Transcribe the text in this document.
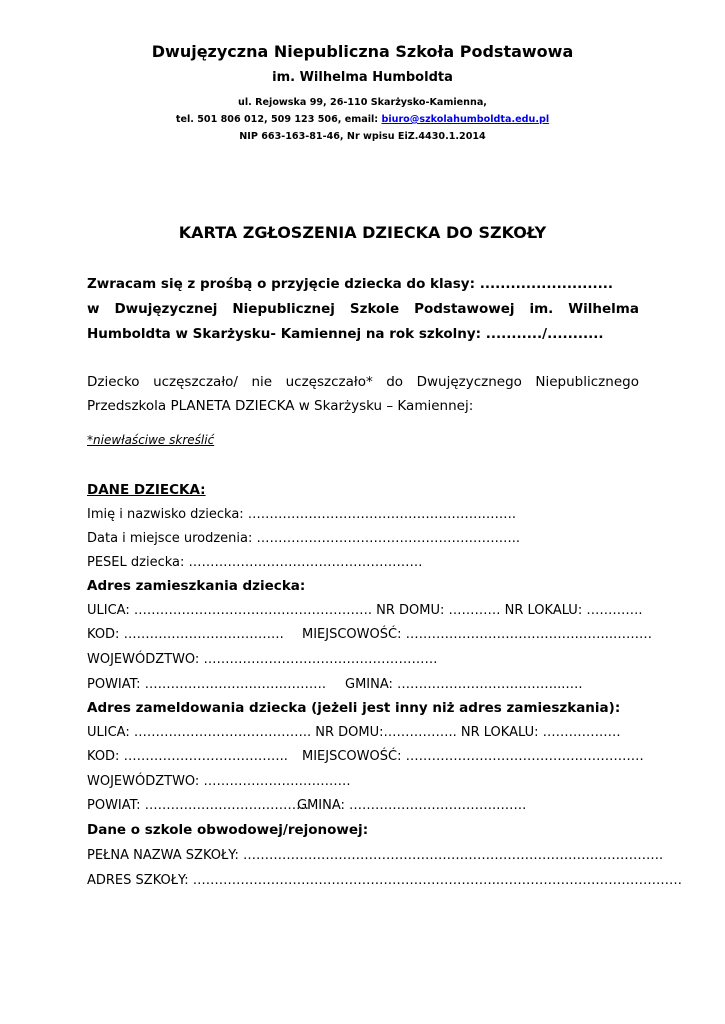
Dwujęzyczna Niepubliczna Szkoła Podstawowa
im. Wilhelma Humboldta
ul. Rejowska 99, 26-110 Skarżysko-Kamienna,
tel. 501 806 012, 509 123 506, email: biuro@szkolahumboldta.edu.pl
NIP 663-163-81-46, Nr wpisu EiZ.4430.1.2014
KARTA ZGŁOSZENIA DZIECKA DO SZKOŁY
Zwracam się z prośbą o przyjęcie dziecka do klasy: ..........................
w Dwujęzycznej Niepublicznej Szkole Podstawowej im. Wilhelma
Humboldta w Skarżysku- Kamiennej na rok szkolny: .........../...........
Dziecko uczęszczało/ nie uczęszczało* do Dwujęzycznego Niepublicznego
Przedszkola PLANETA DZIECKA w Skarżysku – Kamiennej:
*niewłaściwe skreślić
DANE DZIECKA:
Imię i nazwisko dziecka: ……………………………………………….…….
Data i miejsce urodzenia: ………………………………………….…….…..
PESEL dziecka: ………………………………………………
Adres zamieszkania dziecka:
ULICA: ………………………………………………. NR DOMU: ………… NR LOKALU: ………….
KOD: ………………………………. MIEJSCOWOŚĆ: ………………………………….……..………
WOJEWÓDZTWO: ………………………………………………
POWIAT: …………………….…….………. GMINA: ………………………………...….
Adres zameldowania dziecka (jeżeli jest inny niż adres zamieszkania):
ULICA: ………………………………….. NR DOMU:…………….. NR LOKALU: ………………
KOD: ……………………………….. MIEJSCOWOŚĆ: ………………………………….……………
WOJEWÓDZTWO: ………………….…………
POWIAT: ……………………….……….
GMINA: …………………………….…….
Dane o szkole obwodowej/rejonowej:
PEŁNA NAZWA SZKOŁY: …………………………………………………………………………………….
ADRES SZKOŁY: ……………………………………………………………..……………………………………
